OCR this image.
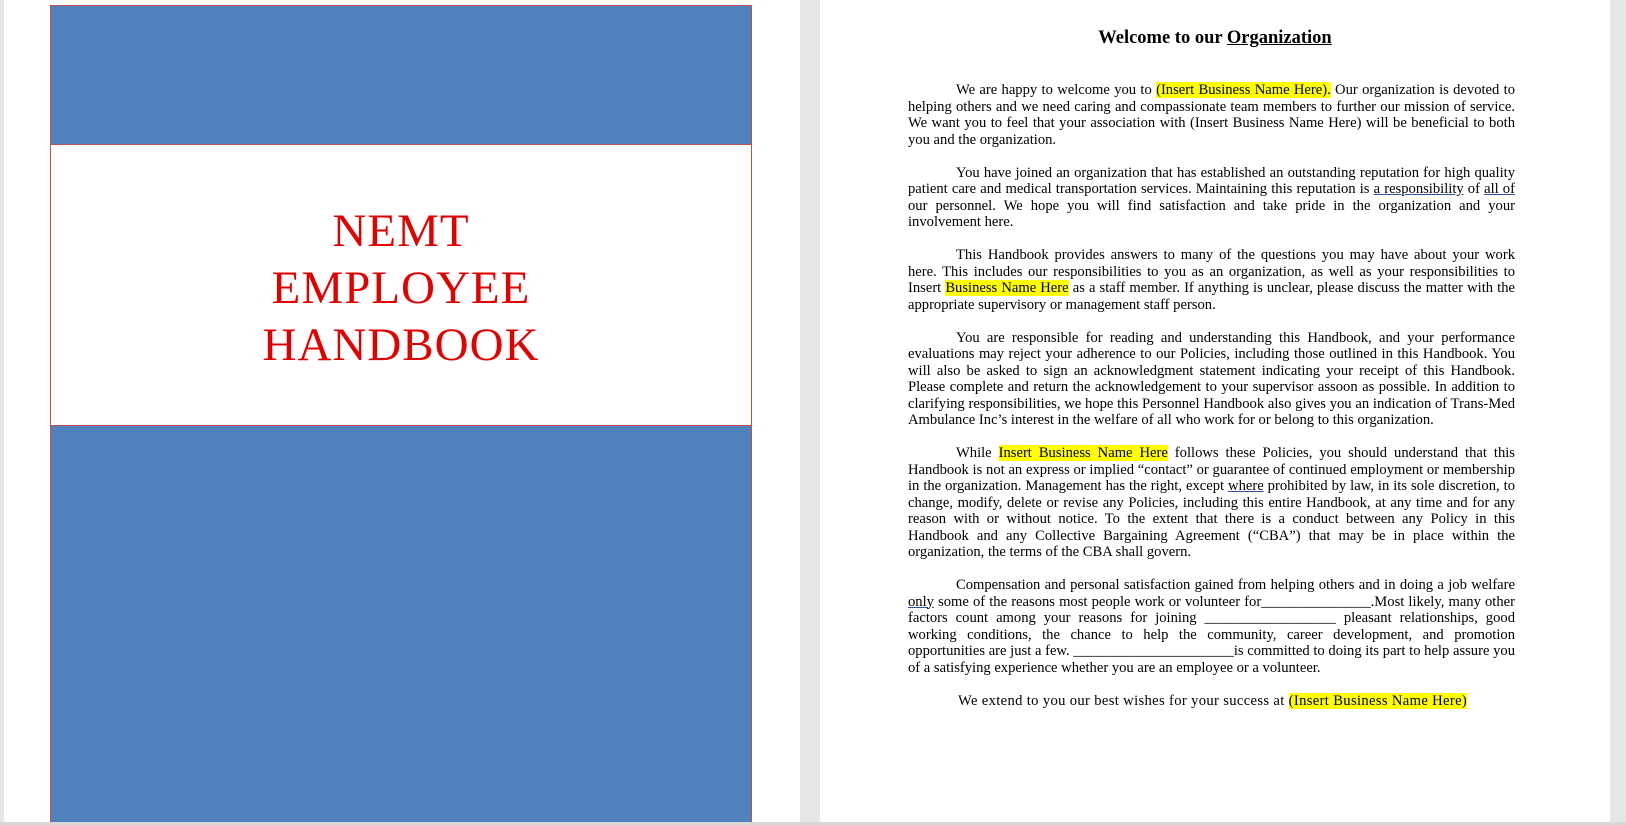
NEMT
EMPLOYEE
HANDBOOK
Welcome to our Organization

We are happy to welcome you to (Insert Business Name Here). Our organization is devoted to helping others and we need caring and compassionate team members to further our mission of service. We want you to feel that your association with (Insert Business Name Here) will be beneficial to both you and the organization.

You have joined an organization that has established an outstanding reputation for high quality patient care and medical transportation services. Maintaining this reputation is a responsibility of all of our personnel. We hope you will find satisfaction and take pride in the organization and your involvement here.

This Handbook provides answers to many of the questions you may have about your work here. This includes our responsibilities to you as an organization, as well as your responsibilities to Insert Business Name Here as a staff member. If anything is unclear, please discuss the matter with the appropriate supervisory or management staff person.

You are responsible for reading and understanding this Handbook, and your performance evaluations may reject your adherence to our Policies, including those outlined in this Handbook. You will also be asked to sign an acknowledgment statement indicating your receipt of this Handbook. Please complete and return the acknowledgement to your supervisor assoon as possible. In addition to clarifying responsibilities, we hope this Personnel Handbook also gives you an indication of Trans-Med Ambulance Inc’s interest in the welfare of all who work for or belong to this organization.

While Insert Business Name Here follows these Policies, you should understand that this Handbook is not an express or implied “contact” or guarantee of continued employment or membership in the organization. Management has the right, except where prohibited by law, in its sole discretion, to change, modify, delete or revise any Policies, including this entire Handbook, at any time and for any reason with or without notice. To the extent that there is a conduct between any Policy in this Handbook and any Collective Bargaining Agreement (“CBA”) that may be in place within the organization, the terms of the CBA shall govern.

Compensation and personal satisfaction gained from helping others and in doing a job welfare only some of the reasons most people work or volunteer for_______________.Most likely, many other factors count among your reasons for joining __________________ pleasant relationships, good working conditions, the chance to help the community, career development, and promotion opportunities are just a few. ______________________is committed to doing its part to help assure you of a satisfying experience whether you are an employee or a volunteer.

We extend to you our best wishes for your success at (Insert Business Name Here)
